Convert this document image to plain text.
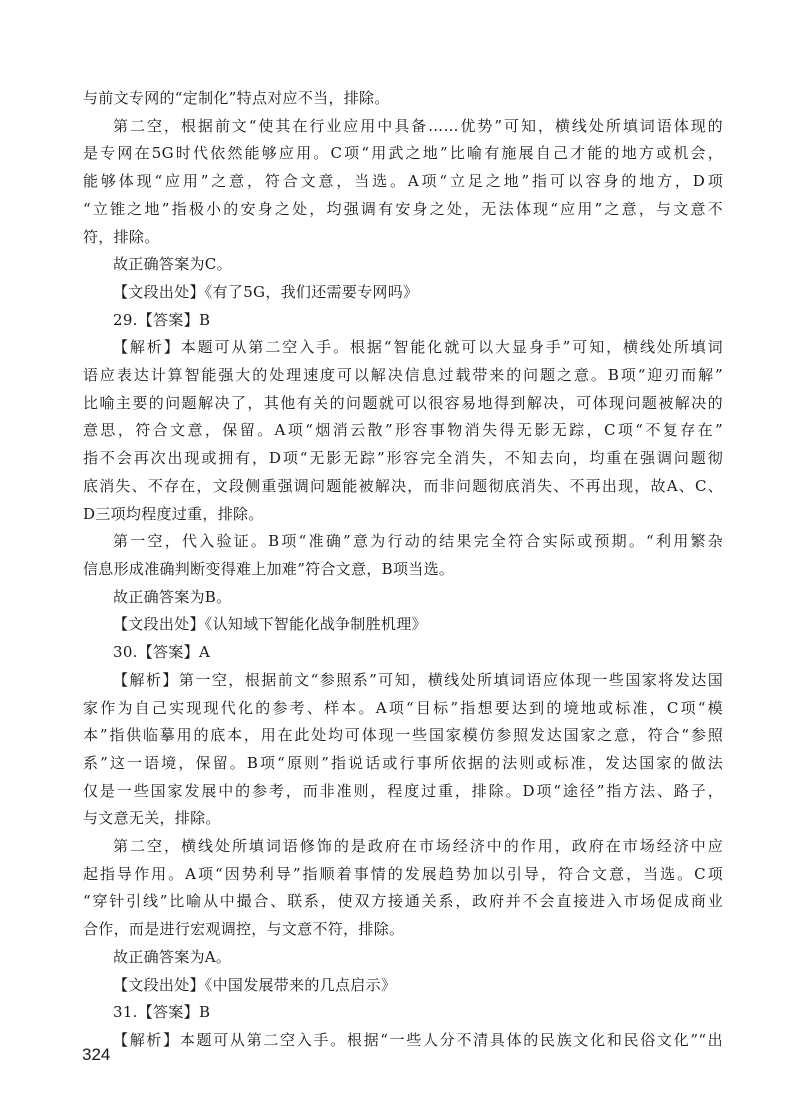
与前文专网的“定制化”特点对应不当，排除。
第二空，根据前文“使其在行业应用中具备……优势”可知，横线处所填词语体现的
是专网在5G时代依然能够应用。C项“用武之地”比喻有施展自己才能的地方或机会，
能够体现“应用”之意，符合文意，当选。A项“立足之地”指可以容身的地方，D项
“立锥之地”指极小的安身之处，均强调有安身之处，无法体现“应用”之意，与文意不
符，排除。
故正确答案为C。
【文段出处】《有了5G，我们还需要专网吗》
29.【答案】B
【解析】本题可从第二空入手。根据“智能化就可以大显身手”可知，横线处所填词
语应表达计算智能强大的处理速度可以解决信息过载带来的问题之意。B项“迎刃而解”
比喻主要的问题解决了，其他有关的问题就可以很容易地得到解决，可体现问题被解决的
意思，符合文意，保留。A项“烟消云散”形容事物消失得无影无踪，C项“不复存在”
指不会再次出现或拥有，D项“无影无踪”形容完全消失，不知去向，均重在强调问题彻
底消失、不存在，文段侧重强调问题能被解决，而非问题彻底消失、不再出现，故A、C、
D三项均程度过重，排除。
第一空，代入验证。B项“准确”意为行动的结果完全符合实际或预期。“利用繁杂
信息形成准确判断变得难上加难”符合文意，B项当选。
故正确答案为B。
【文段出处】《认知域下智能化战争制胜机理》
30.【答案】A
【解析】第一空，根据前文“参照系”可知，横线处所填词语应体现一些国家将发达国
家作为自己实现现代化的参考、样本。A项“目标”指想要达到的境地或标准，C项“模
本”指供临摹用的底本，用在此处均可体现一些国家模仿参照发达国家之意，符合“参照
系”这一语境，保留。B项“原则”指说话或行事所依据的法则或标准，发达国家的做法
仅是一些国家发展中的参考，而非准则，程度过重，排除。D项“途径”指方法、路子，
与文意无关，排除。
第二空，横线处所填词语修饰的是政府在市场经济中的作用，政府在市场经济中应
起指导作用。A项“因势利导”指顺着事情的发展趋势加以引导，符合文意，当选。C项
“穿针引线”比喻从中撮合、联系，使双方接通关系，政府并不会直接进入市场促成商业
合作，而是进行宏观调控，与文意不符，排除。
故正确答案为A。
【文段出处】《中国发展带来的几点启示》
31.【答案】B
【解析】本题可从第二空入手。根据“一些人分不清具体的民族文化和民俗文化”“出
324
